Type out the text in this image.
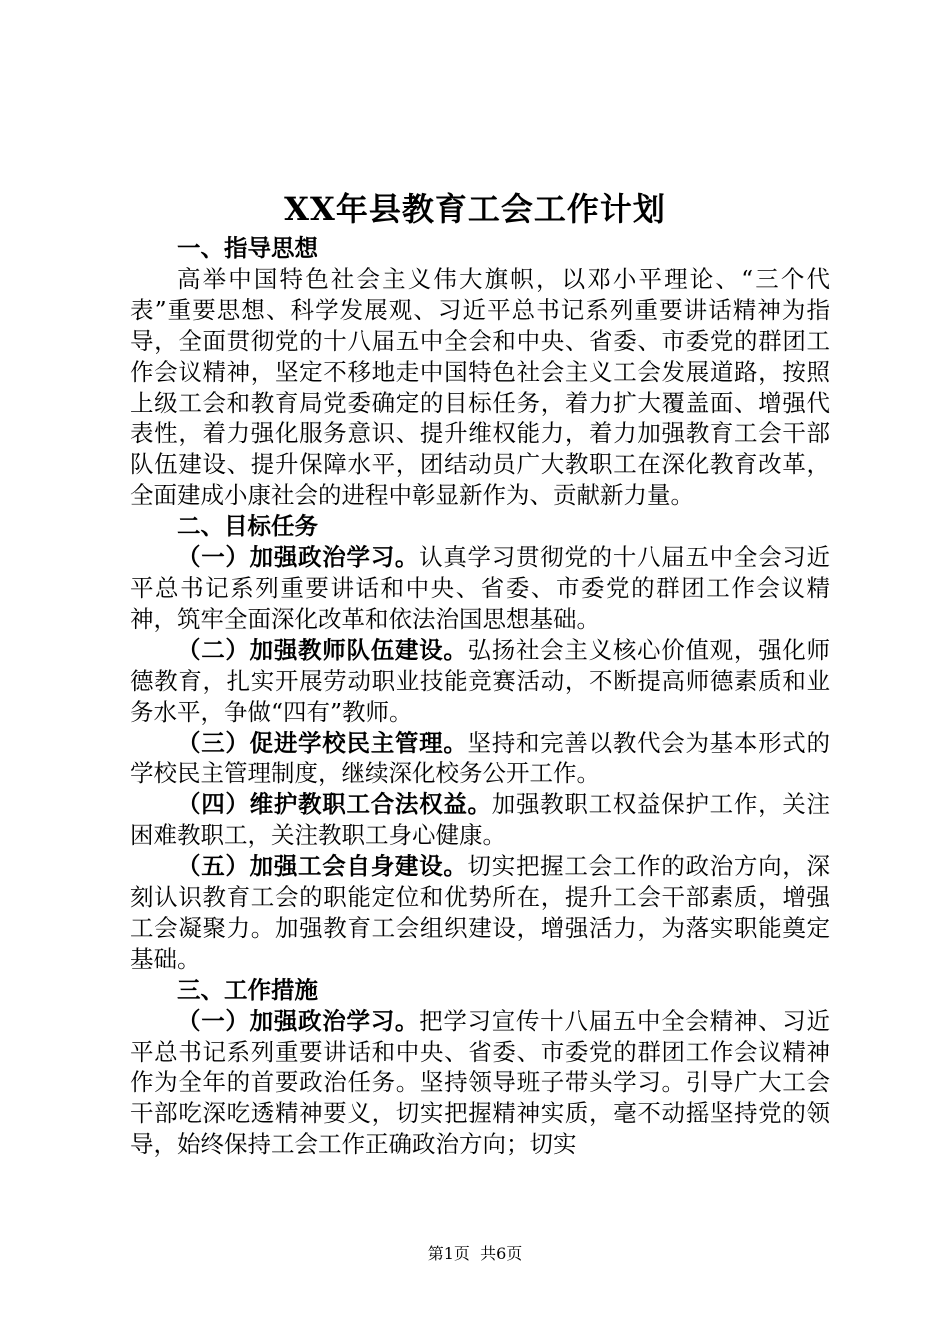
XX年县教育工会工作计划
一、指导思想

高举中国特色社会主义伟大旗帜，以邓小平理论、“三个代表”重要思想、科学发展观、习近平总书记系列重要讲话精神为指导，全面贯彻党的十八届五中全会和中央、省委、市委党的群团工作会议精神，坚定不移地走中国特色社会主义工会发展道路，按照上级工会和教育局党委确定的目标任务，着力扩大覆盖面、增强代表性，着力强化服务意识、提升维权能力，着力加强教育工会干部队伍建设、提升保障水平，团结动员广大教职工在深化教育改革，全面建成小康社会的进程中彰显新作为、贡献新力量。

二、目标任务

（一）加强政治学习。认真学习贯彻党的十八届五中全会习近平总书记系列重要讲话和中央、省委、市委党的群团工作会议精神，筑牢全面深化改革和依法治国思想基础。

（二）加强教师队伍建设。弘扬社会主义核心价值观，强化师德教育，扎实开展劳动职业技能竞赛活动，不断提高师德素质和业务水平，争做“四有”教师。

（三）促进学校民主管理。坚持和完善以教代会为基本形式的学校民主管理制度，继续深化校务公开工作。

（四）维护教职工合法权益。加强教职工权益保护工作，关注困难教职工，关注教职工身心健康。

（五）加强工会自身建设。切实把握工会工作的政治方向，深刻认识教育工会的职能定位和优势所在，提升工会干部素质，增强工会凝聚力。加强教育工会组织建设，增强活力，为落实职能奠定基础。

三、工作措施

（一）加强政治学习。把学习宣传十八届五中全会精神、习近平总书记系列重要讲话和中央、省委、市委党的群团工作会议精神作为全年的首要政治任务。坚持领导班子带头学习。引导广大工会干部吃深吃透精神要义，切实把握精神实质，毫不动摇坚持党的领导，始终保持工会工作正确政治方向；切实

第1页 共6页
